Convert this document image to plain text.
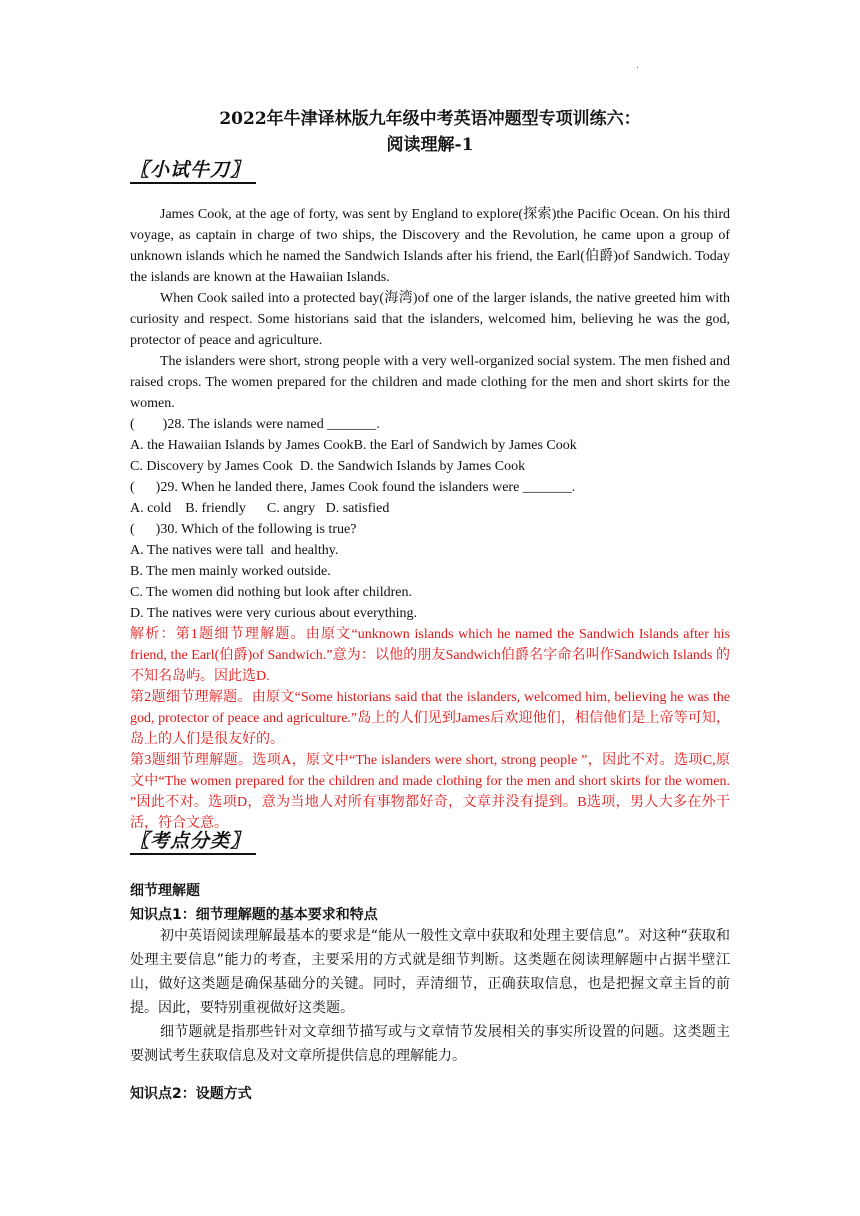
.
2022年牛津译林版九年级中考英语冲题型专项训练六：
阅读理解-1
〖小试牛刀〗

James Cook, at the age of forty, was sent by England to explore(探索)the Pacific Ocean. On his third voyage, as captain in charge of two ships, the Discovery and the Revolution, he came upon a group of unknown islands which he named the Sandwich Islands after his friend, the Earl(伯爵)of Sandwich. Today the islands are known at the Hawaiian Islands.

When Cook sailed into a protected bay(海湾)of one of the larger islands, the native greeted him with curiosity and respect. Some historians said that the islanders, welcomed him, believing he was the god, protector of peace and agriculture.

The islanders were short, strong people with a very well-organized social system. The men fished and raised crops. The women prepared for the children and made clothing for the men and short skirts for the women.

(        )28. The islands were named _______.

A. the Hawaiian Islands by James CookB. the Earl of Sandwich by James Cook

C. Discovery by James Cook  D. the Sandwich Islands by James Cook

(      )29. When he landed there, James Cook found the islanders were _______.

A. cold    B. friendly      C. angry   D. satisfied

(      )30. Which of the following is true?

A. The natives were tall  and healthy.

B. The men mainly worked outside.

C. The women did nothing but look after children.

D. The natives were very curious about everything.

解析：第1题细节理解题。由原文“unknown islands which he named the Sandwich Islands after his friend, the Earl(伯爵)of Sandwich.”意为：以他的朋友Sandwich伯爵名字命名叫作Sandwich Islands 的不知名岛屿。因此选D.

第2题细节理解题。由原文“Some historians said that the islanders, welcomed him, believing he was the god, protector of peace and agriculture.”岛上的人们见到James后欢迎他们，相信他们是上帝等可知，岛上的人们是很友好的。

第3题细节理解题。选项A，原文中“The islanders were short, strong people ”，因此不对。选项C,原文中“The women prepared for the children and made clothing for the men and short skirts for the women. ”因此不对。选项D，意为当地人对所有事物都好奇，文章并没有提到。B选项，男人大多在外干活，符合文意。

〖考点分类〗
细节理解题
知识点1：细节理解题的基本要求和特点

初中英语阅读理解最基本的要求是“能从一般性文章中获取和处理主要信息”。对这种“获取和处理主要信息”能力的考查，主要采用的方式就是细节判断。这类题在阅读理解题中占据半壁江山，做好这类题是确保基础分的关键。同时，弄清细节，正确获取信息，也是把握文章主旨的前提。因此，要特别重视做好这类题。

细节题就是指那些针对文章细节描写或与文章情节发展相关的事实所设置的问题。这类题主要测试考生获取信息及对文章所提供信息的理解能力。

知识点2：设题方式
